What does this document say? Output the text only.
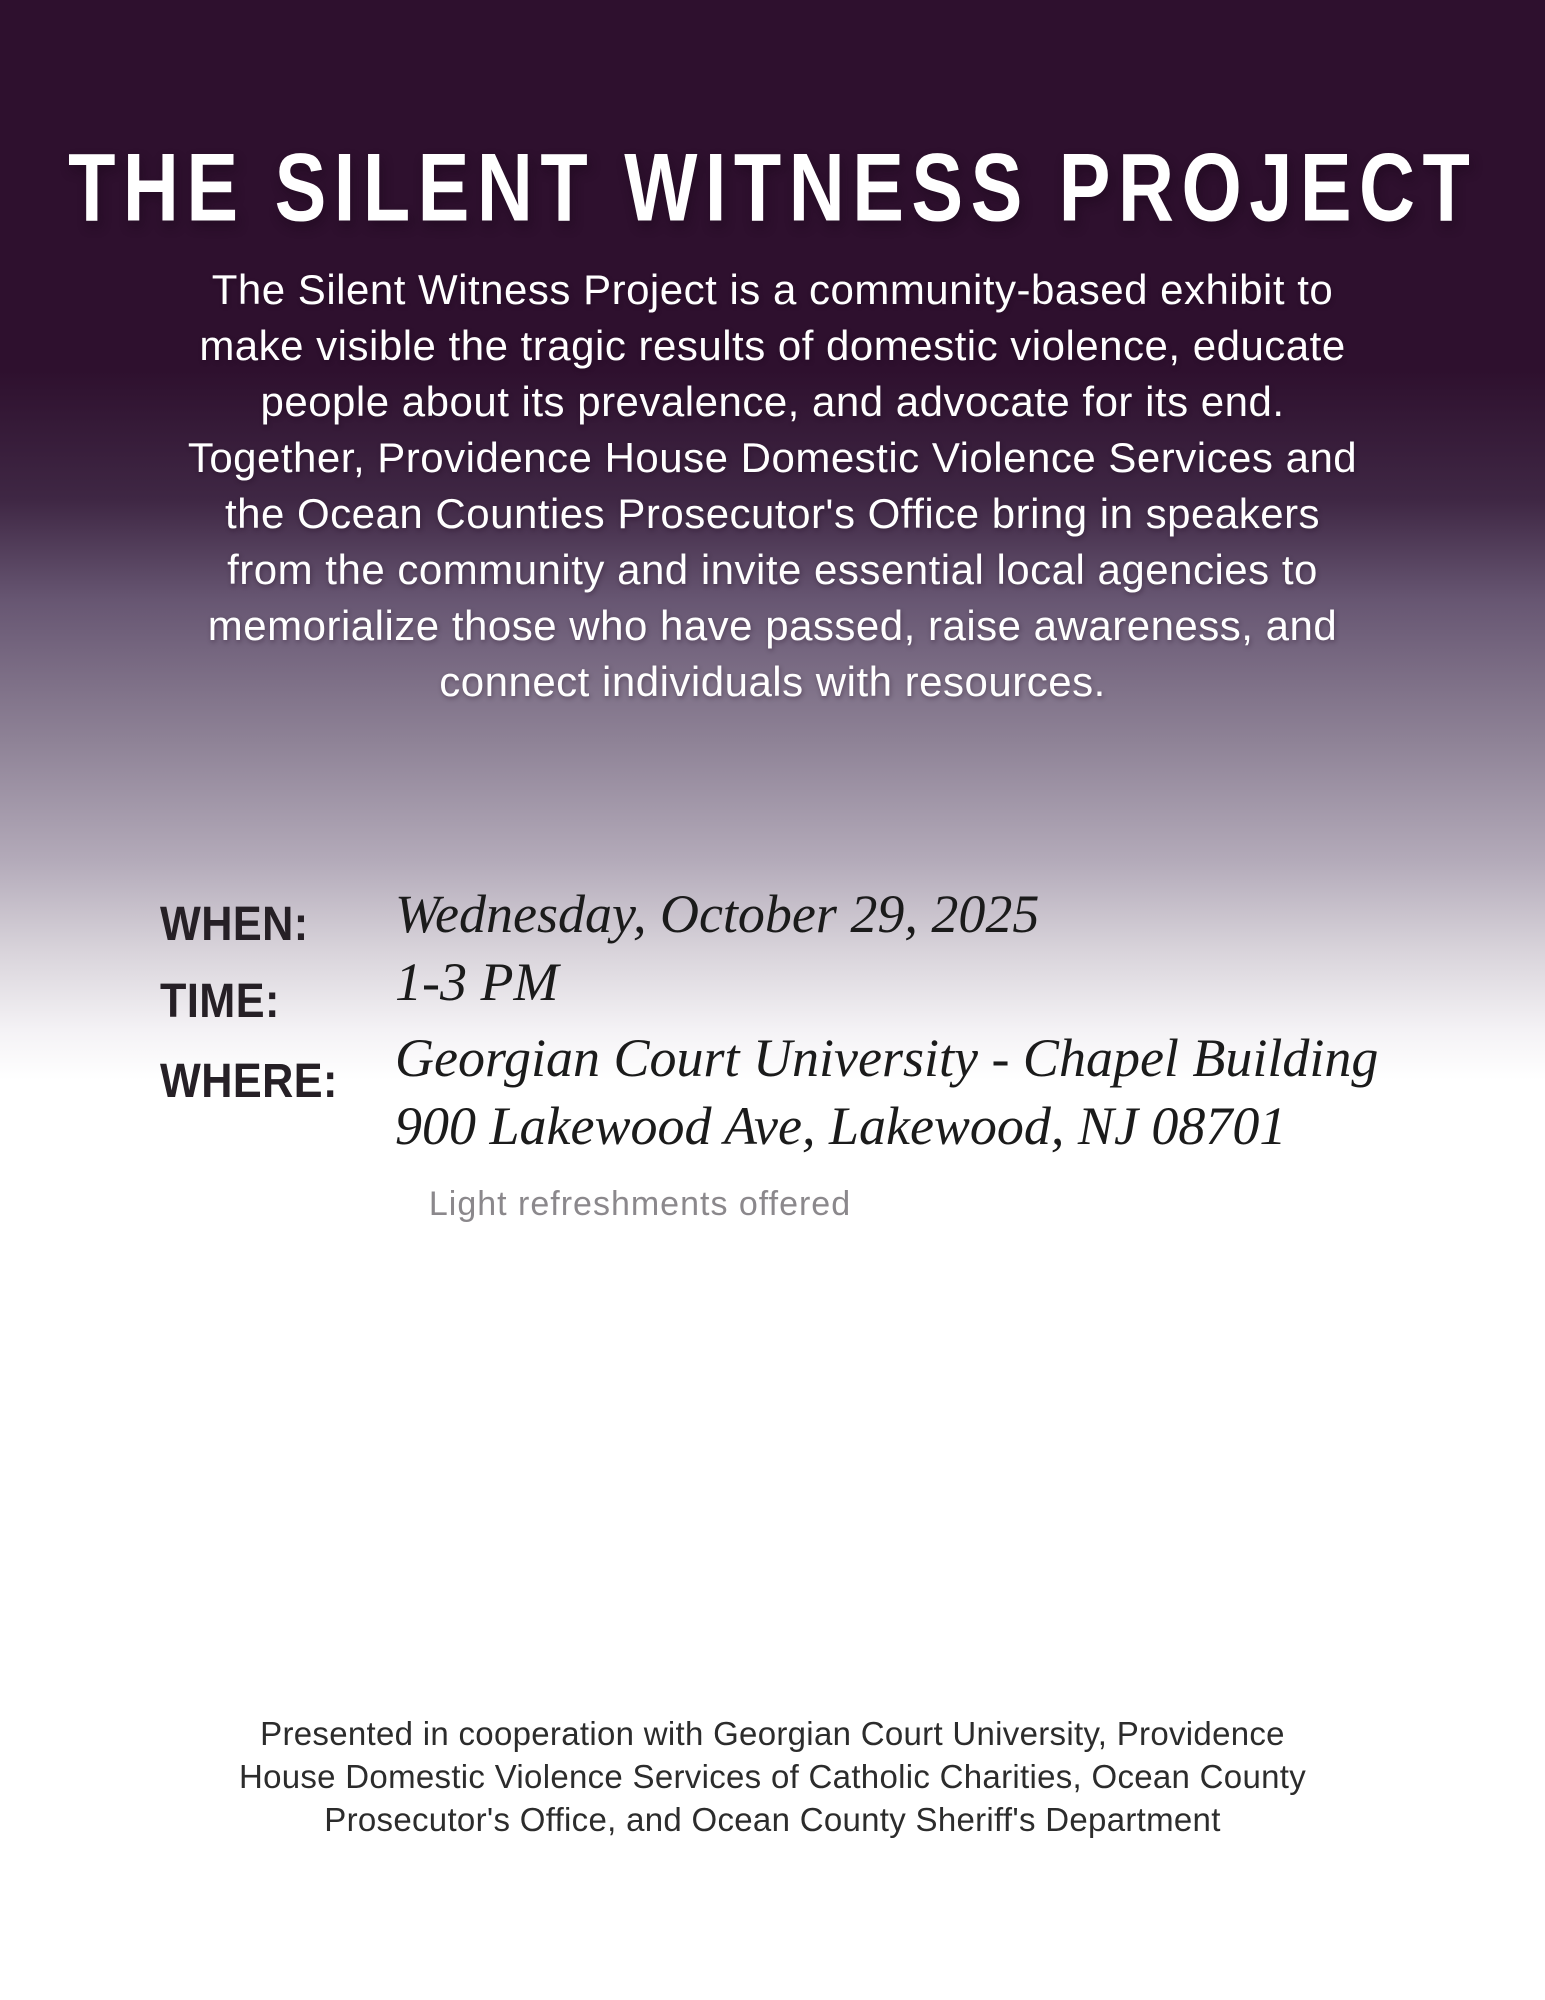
THE SILENT WITNESS PROJECT
The Silent Witness Project is a community-based exhibit to
make visible the tragic results of domestic violence, educate
people about its prevalence, and advocate for its end.
Together, Providence House Domestic Violence Services and
the Ocean Counties Prosecutor's Office bring in speakers
from the community and invite essential local agencies to
memorialize those who have passed, raise awareness, and
connect individuals with resources.
WHEN:
TIME:
WHERE:
Wednesday, October 29, 2025
1-3 PM
Georgian Court University - Chapel Building
900 Lakewood Ave, Lakewood, NJ 08701
Light refreshments offered
Presented in cooperation with Georgian Court University, Providence
House Domestic Violence Services of Catholic Charities, Ocean County
Prosecutor's Office, and Ocean County Sheriff's Department
